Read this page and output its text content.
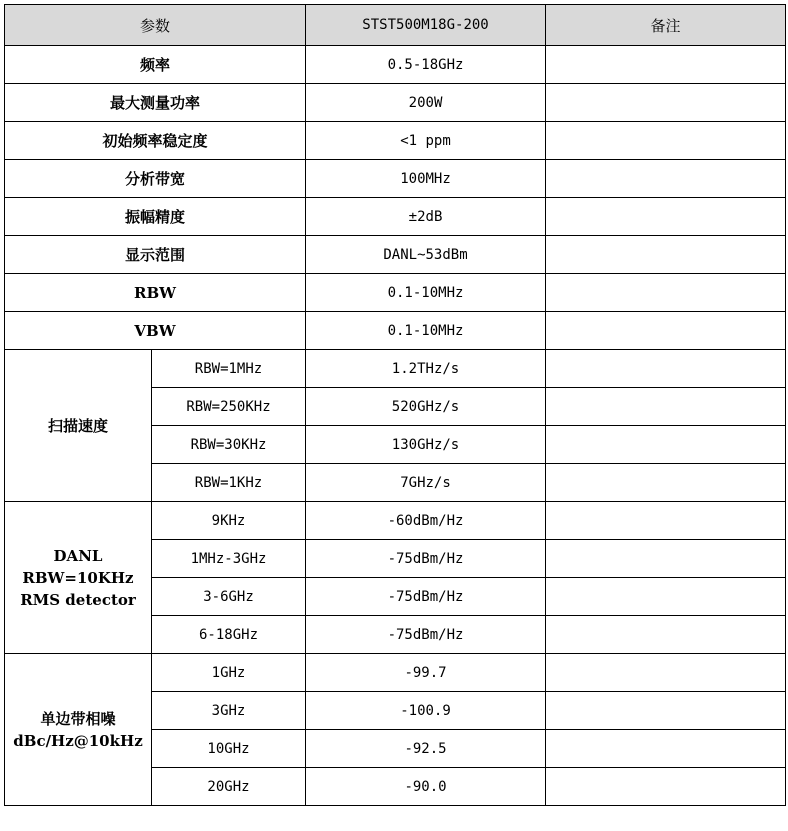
参数		STST500M18G-200	备注
频率		0.5-18GHz	
最大测量功率		200W	
初始频率稳定度		<1 ppm	
分析带宽		100MHz	
振幅精度		±2dB	
显示范围		DANL~53dBm	
RBW		0.1-10MHz	
VBW		0.1-10MHz	
扫描速度	RBW=1MHz	1.2THz/s	
	RBW=250KHz	520GHz/s	
	RBW=30KHz	130GHz/s	
	RBW=1KHz	7GHz/s	

DANL
RBW=10KHz
RMS detector	9KHz	-60dBm/Hz	
	1MHz-3GHz	-75dBm/Hz	
	3-6GHz	-75dBm/Hz	
	6-18GHz	-75dBm/Hz	

单边带相噪
dBc/Hz@10kHz	1GHz	-99.7	
	3GHz	-100.9	
	10GHz	-92.5	
	20GHz	-90.0	
